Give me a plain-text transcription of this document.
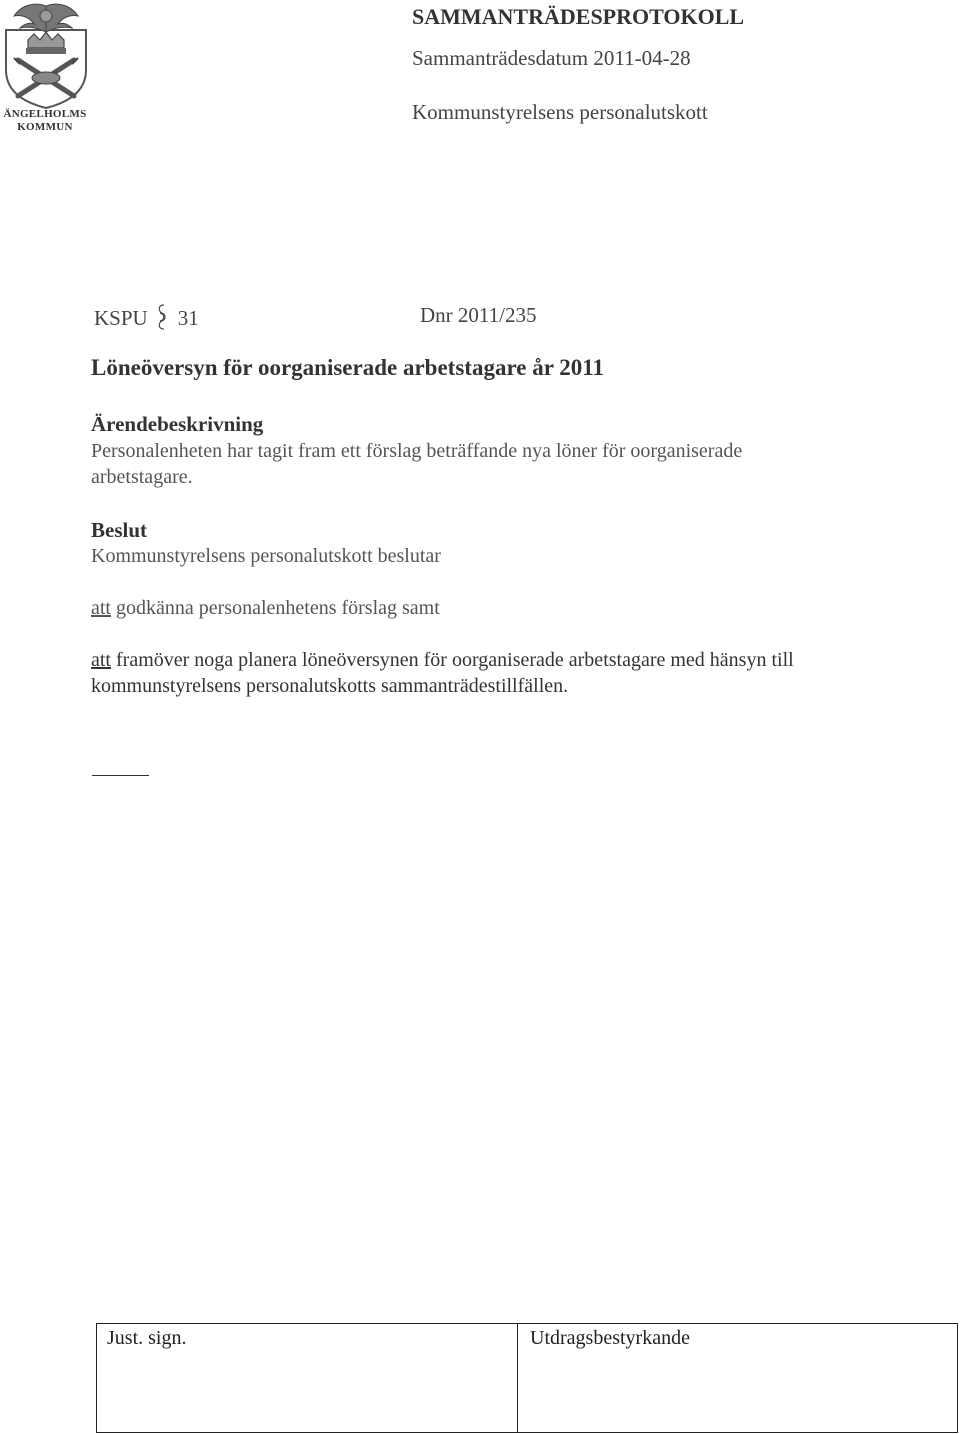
ÄNGELHOLMS
KOMMUN
SAMMANTRÄDESPROTOKOLL
Sammanträdesdatum 2011-04-28
Kommunstyrelsens personalutskott
KSPU 31	Dnr 2011/235
Löneöversyn för oorganiserade arbetstagare år 2011
Ärendebeskrivning
Personalenheten har tagit fram ett förslag beträffande nya löner för oorganiserade
arbetstagare.
Beslut
Kommunstyrelsens personalutskott beslutar
att godkänna personalenhetens förslag samt
att framöver noga planera löneöversynen för oorganiserade arbetstagare med hänsyn till
kommunstyrelsens personalutskotts sammanträdestillfällen.
Just. sign.	Utdragsbestyrkande
